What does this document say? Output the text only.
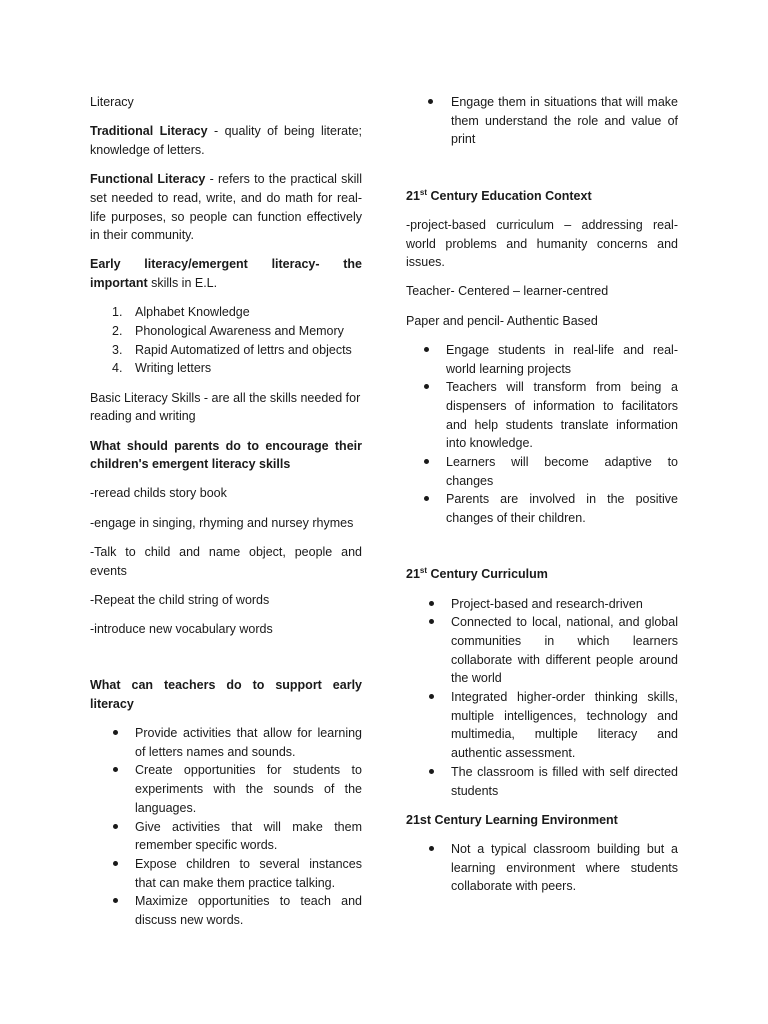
Literacy

Traditional Literacy - quality of being literate; knowledge of letters.

Functional Literacy - refers to the practical skill set needed to read, write, and do math for real-life purposes, so people can function effectively in their community.

Early literacy/emergent literacy- the important skills in E.L.

1. Alphabet Knowledge
2. Phonological Awareness and Memory
3. Rapid Automatized of lettrs and objects
4. Writing letters

Basic Literacy Skills - are all the skills needed for reading and writing

What should parents do to encourage their children's emergent literacy skills

-reread childs story book

-engage in singing, rhyming and nursey rhymes

-Talk to child and name object, people and events

-Repeat the child string of words

-introduce new vocabulary words

What can teachers do to support early literacy

Provide activities that allow for learning of letters names and sounds.
Create opportunities for students to experiments with the sounds of the languages.
Give activities that will make them remember specific words.
Expose children to several instances that can make them practice talking.
Maximize opportunities to teach and discuss new words.
Engage them in situations that will make them understand the role and value of print

21st Century Education Context

-project-based curriculum – addressing real-world problems and humanity concerns and issues.

Teacher- Centered – learner-centred

Paper and pencil- Authentic Based

Engage students in real-life and real-world learning projects
Teachers will transform from being a dispensers of information to facilitators and help students translate information into knowledge.
Learners will become adaptive to changes
Parents are involved in the positive changes of their children.

21st Century Curriculum

Project-based and research-driven
Connected to local, national, and global communities in which learners collaborate with different people around the world
Integrated higher-order thinking skills, multiple intelligences, technology and multimedia, multiple literacy and authentic assessment.
The classroom is filled with self directed students

21st Century Learning Environment

Not a typical classroom building but a learning environment where students collaborate with peers.
